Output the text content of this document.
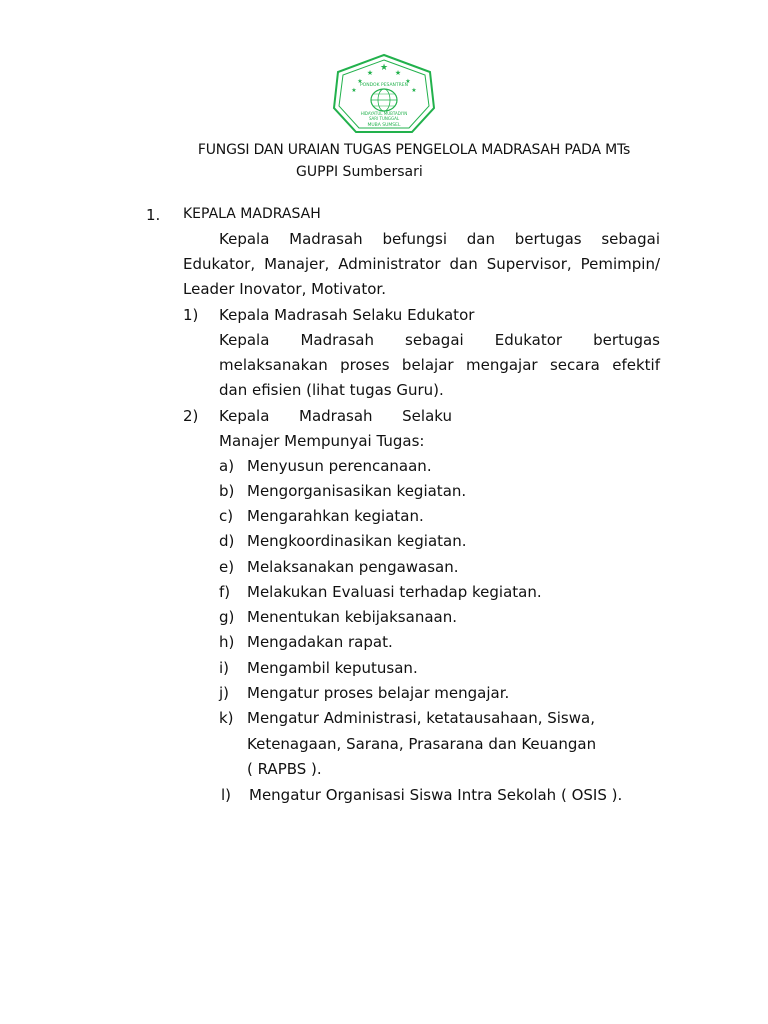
★
★	★
★	★
★	★
PONDOK PESANTREN
HIDAYATUL MUBTADI'IN
SARI TUNGGAL
MUBA SUMSEL
FUNGSI DAN URAIAN TUGAS PENGELOLA MADRASAH PADA MTs
GUPPI Sumbersari
1. KEPALA MADRASAH
Kepala Madrasah befungsi dan bertugas sebagai
Edukator, Manajer, Administrator dan Supervisor, Pemimpin/
Leader Inovator, Motivator.
1) Kepala Madrasah Selaku Edukator
Kepala Madrasah sebagai Edukator bertugas
melaksanakan proses belajar mengajar secara efektif
dan efisien (lihat tugas Guru).
2) Kepala Madrasah Selaku
Manajer Mempunyai Tugas:
a) Menyusun perencanaan.
b) Mengorganisasikan kegiatan.
c) Mengarahkan kegiatan.
d) Mengkoordinasikan kegiatan.
e) Melaksanakan pengawasan.
f) Melakukan Evaluasi terhadap kegiatan.
g) Menentukan kebijaksanaan.
h) Mengadakan rapat.
i) Mengambil keputusan.
j) Mengatur proses belajar mengajar.
k) Mengatur Administrasi, ketatausahaan, Siswa,
Ketenagaan, Sarana, Prasarana dan Keuangan
( RAPBS ).
l) Mengatur Organisasi Siswa Intra Sekolah ( OSIS ).
